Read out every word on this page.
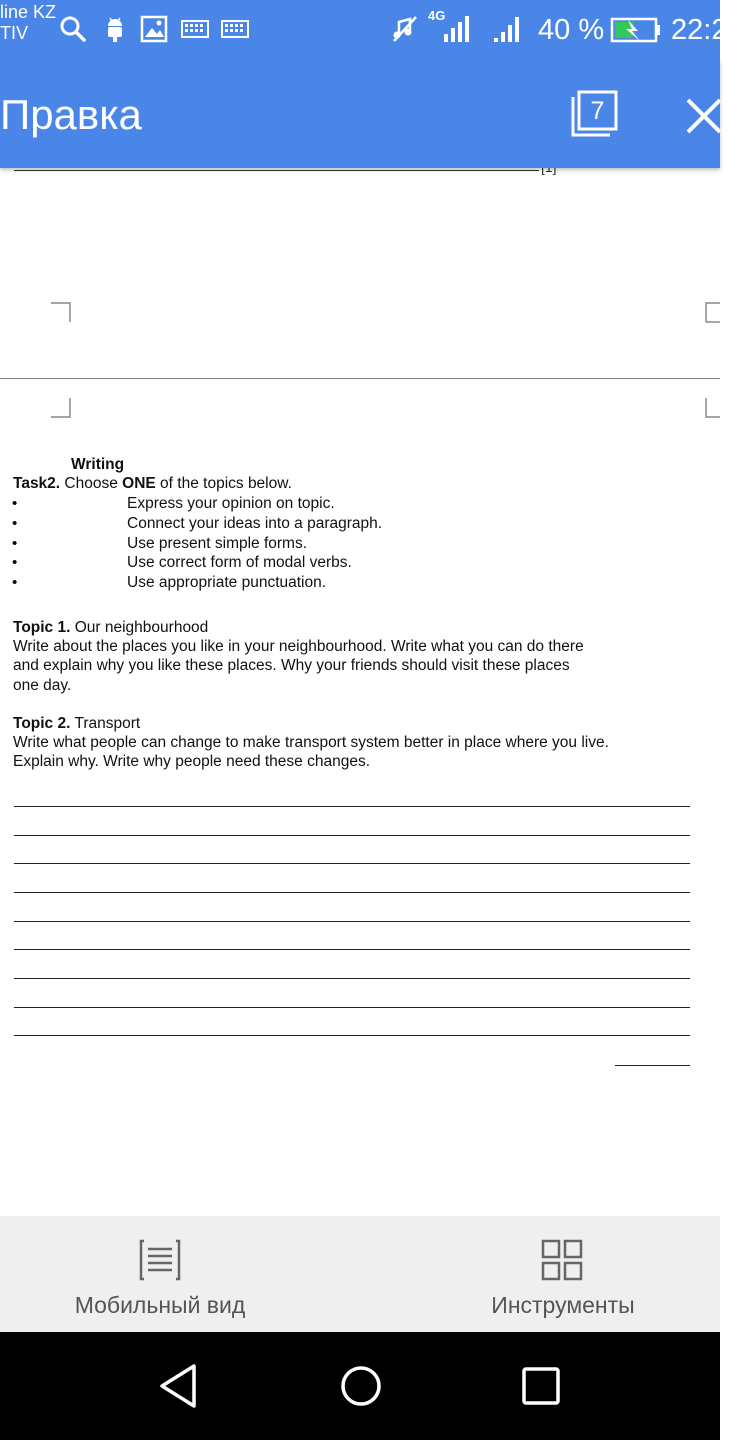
line KZ
TIV
4G	40 % 22:2
Правка	7
Writing
Task2. Choose ONE of the topics below.
•	Express your opinion on topic.
•	Connect your ideas into a paragraph.
•	Use present simple forms.
•	Use correct form of modal verbs.
•	Use appropriate punctuation.
Topic 1. Our neighbourhood
Write about the places you like in your neighbourhood. Write what you can do there
and explain why you like these places. Why your friends should visit these places
one day.
Topic 2. Transport
Write what people can change to make transport system better in place where you live.
Explain why. Write why people need these changes.
Мобильный вид	Инструменты
